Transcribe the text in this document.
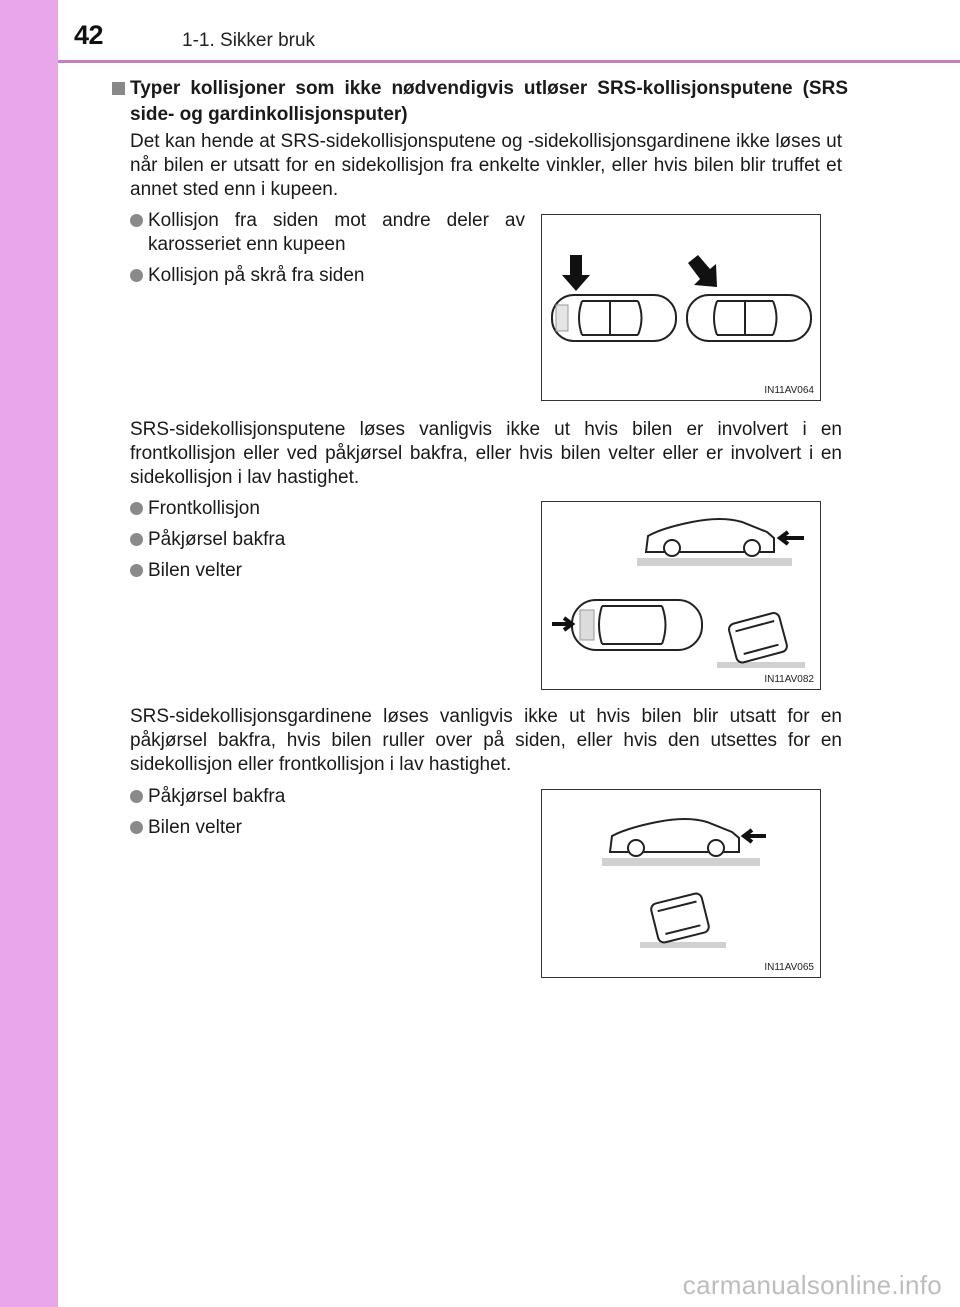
42	1-1. Sikker bruk
Typer kollisjoner som ikke nødvendigvis utløser SRS-kollisjonsputene (SRS side- og gardinkollisjonsputer)
Det kan hende at SRS-sidekollisjonsputene og -sidekollisjonsgardinene ikke løses ut når bilen er utsatt for en sidekollisjon fra enkelte vinkler, eller hvis bilen blir truffet et annet sted enn i kupeen.
Kollisjon fra siden mot andre deler av karosseriet enn kupeen
Kollisjon på skrå fra siden
IN11AV064
SRS-sidekollisjonsputene løses vanligvis ikke ut hvis bilen er involvert i en frontkollisjon eller ved påkjørsel bakfra, eller hvis bilen velter eller er involvert i en sidekollisjon i lav hastighet.
Frontkollisjon
Påkjørsel bakfra
Bilen velter
IN11AV082
SRS-sidekollisjonsgardinene løses vanligvis ikke ut hvis bilen blir utsatt for en påkjørsel bakfra, hvis bilen ruller over på siden, eller hvis den utsettes for en sidekollisjon eller frontkollisjon i lav hastighet.
Påkjørsel bakfra
Bilen velter
IN11AV065
carmanualsonline.info
